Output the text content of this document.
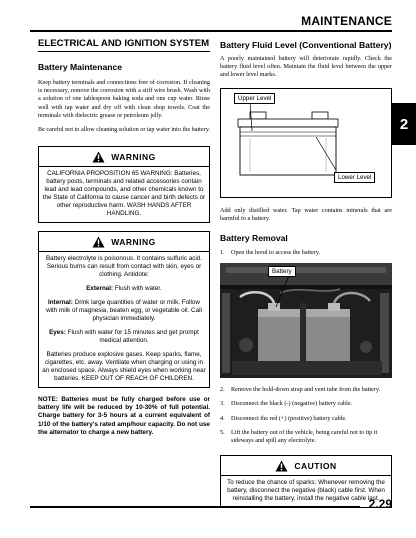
MAINTENANCE
2
ELECTRICAL AND IGNITION SYSTEM
Battery Maintenance

Keep battery terminals and connections free of corrosion. If cleaning is necessary, remove the corrosion with a stiff wire brush. Wash with a solution of one tablespoon baking soda and one cup water. Rinse well with tap water and dry off with clean shop towels. Coat the terminals with dielectric grease or petroleum jelly.

Be careful not to allow cleaning solution or tap water into the battery.

WARNING
CALIFORNIA PROPOSITION 65 WARNING: Batteries, battery posts, terminals and related accessories contain lead and lead compounds, and other chemicals known to the State of California to cause cancer and birth defects or other reproductive harm. WASH HANDS AFTER HANDLING.
WARNING
Battery electrolyte is poisonous. It contains sulfuric acid. Serious burns can result from contact with skin, eyes or clothing. Antidote:
External: Flush with water.
Internal: Drink large quantities of water or milk. Follow with milk of magnesia, beaten egg, or vegetable oil. Call physician immediately.
Eyes: Flush with water for 15 minutes and get prompt medical attention.
Batteries produce explosive gases. Keep sparks, flame, cigarettes, etc. away. Ventilate when charging or using in an enclosed space. Always shield eyes when working near batteries. KEEP OUT OF REACH OF CHILDREN.

NOTE: Batteries must be fully charged before use or battery life will be reduced by 10-30% of full potential. Charge battery for 3-5 hours at a current equivalent of 1/10 of the battery's rated amp/hour capacity. Do not use the alternator to charge a new battery.

Battery Fluid Level (Conventional Battery)

A poorly maintained battery will deteriorate rapidly. Check the battery fluid level often. Maintain the fluid level between the upper and lower level marks.

Upper Level
Lower Level

Add only distilled water. Tap water contains minerals that are harmful to a battery.

Battery Removal
1.	Open the hood to access the battery.
Battery
2.	Remove the hold-down strap and vent tube from the battery.
3.	Disconnect the black (-) (negative) battery cable.
4.	Disconnect the red (+) (positive) battery cable.
5.	Lift the battery out of the vehicle, being careful not to tip it sideways and spill any electrolyte.
CAUTION
To reduce the chance of sparks: Whenever removing the battery, disconnect the negative (black) cable first. When reinstalling the battery, install the negative cable last.
2.29
